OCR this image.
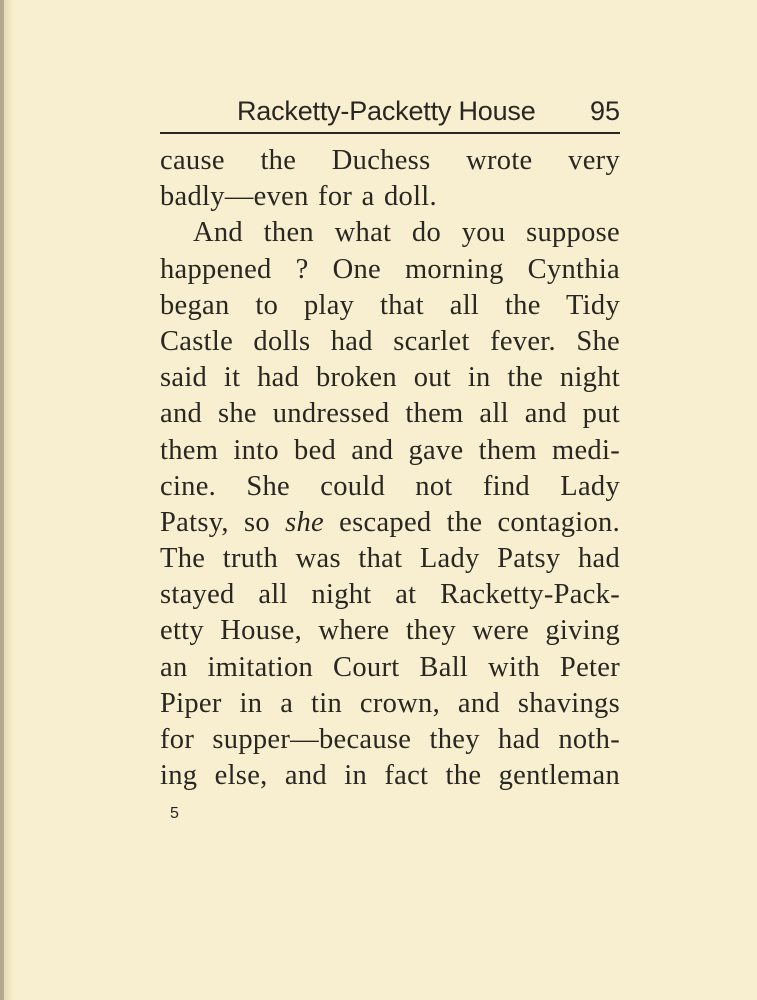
Racketty-Packetty House 95
cause the Duchess wrote very
badly—even for a doll.
And then what do you suppose
happened ? One morning Cynthia
began to play that all the Tidy
Castle dolls had scarlet fever. She
said it had broken out in the night
and she undressed them all and put
them into bed and gave them medi-
cine. She could not find Lady
Patsy, so she escaped the contagion.
The truth was that Lady Patsy had
stayed all night at Racketty-Pack-
etty House, where they were giving
an imitation Court Ball with Peter
Piper in a tin crown, and shavings
for supper—because they had noth-
ing else, and in fact the gentleman
5
